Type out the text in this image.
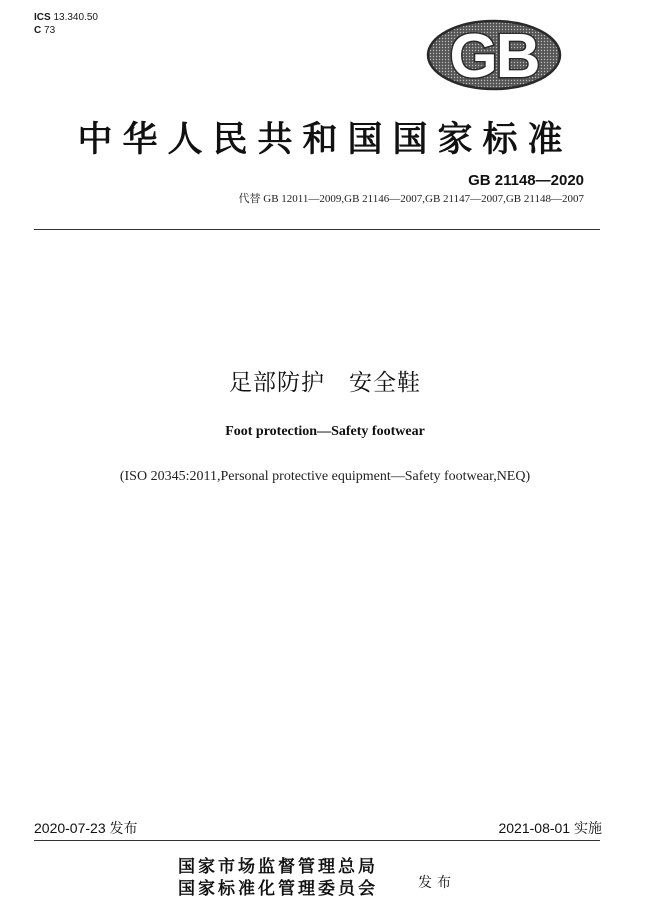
ICS 13.340.50
C 73	GB
中华人民共和国国家标准
GB 21148—2020
代替 GB 12011—2009,GB 21146—2007,GB 21147—2007,GB 21148—2007
足部防护　安全鞋
Foot protection—Safety footwear
(ISO 20345:2011,Personal protective equipment—Safety footwear,NEQ)
2020-07-23 发布	2021-08-01 实施
国家市场监督管理总局
国家标准化管理委员会	发布
